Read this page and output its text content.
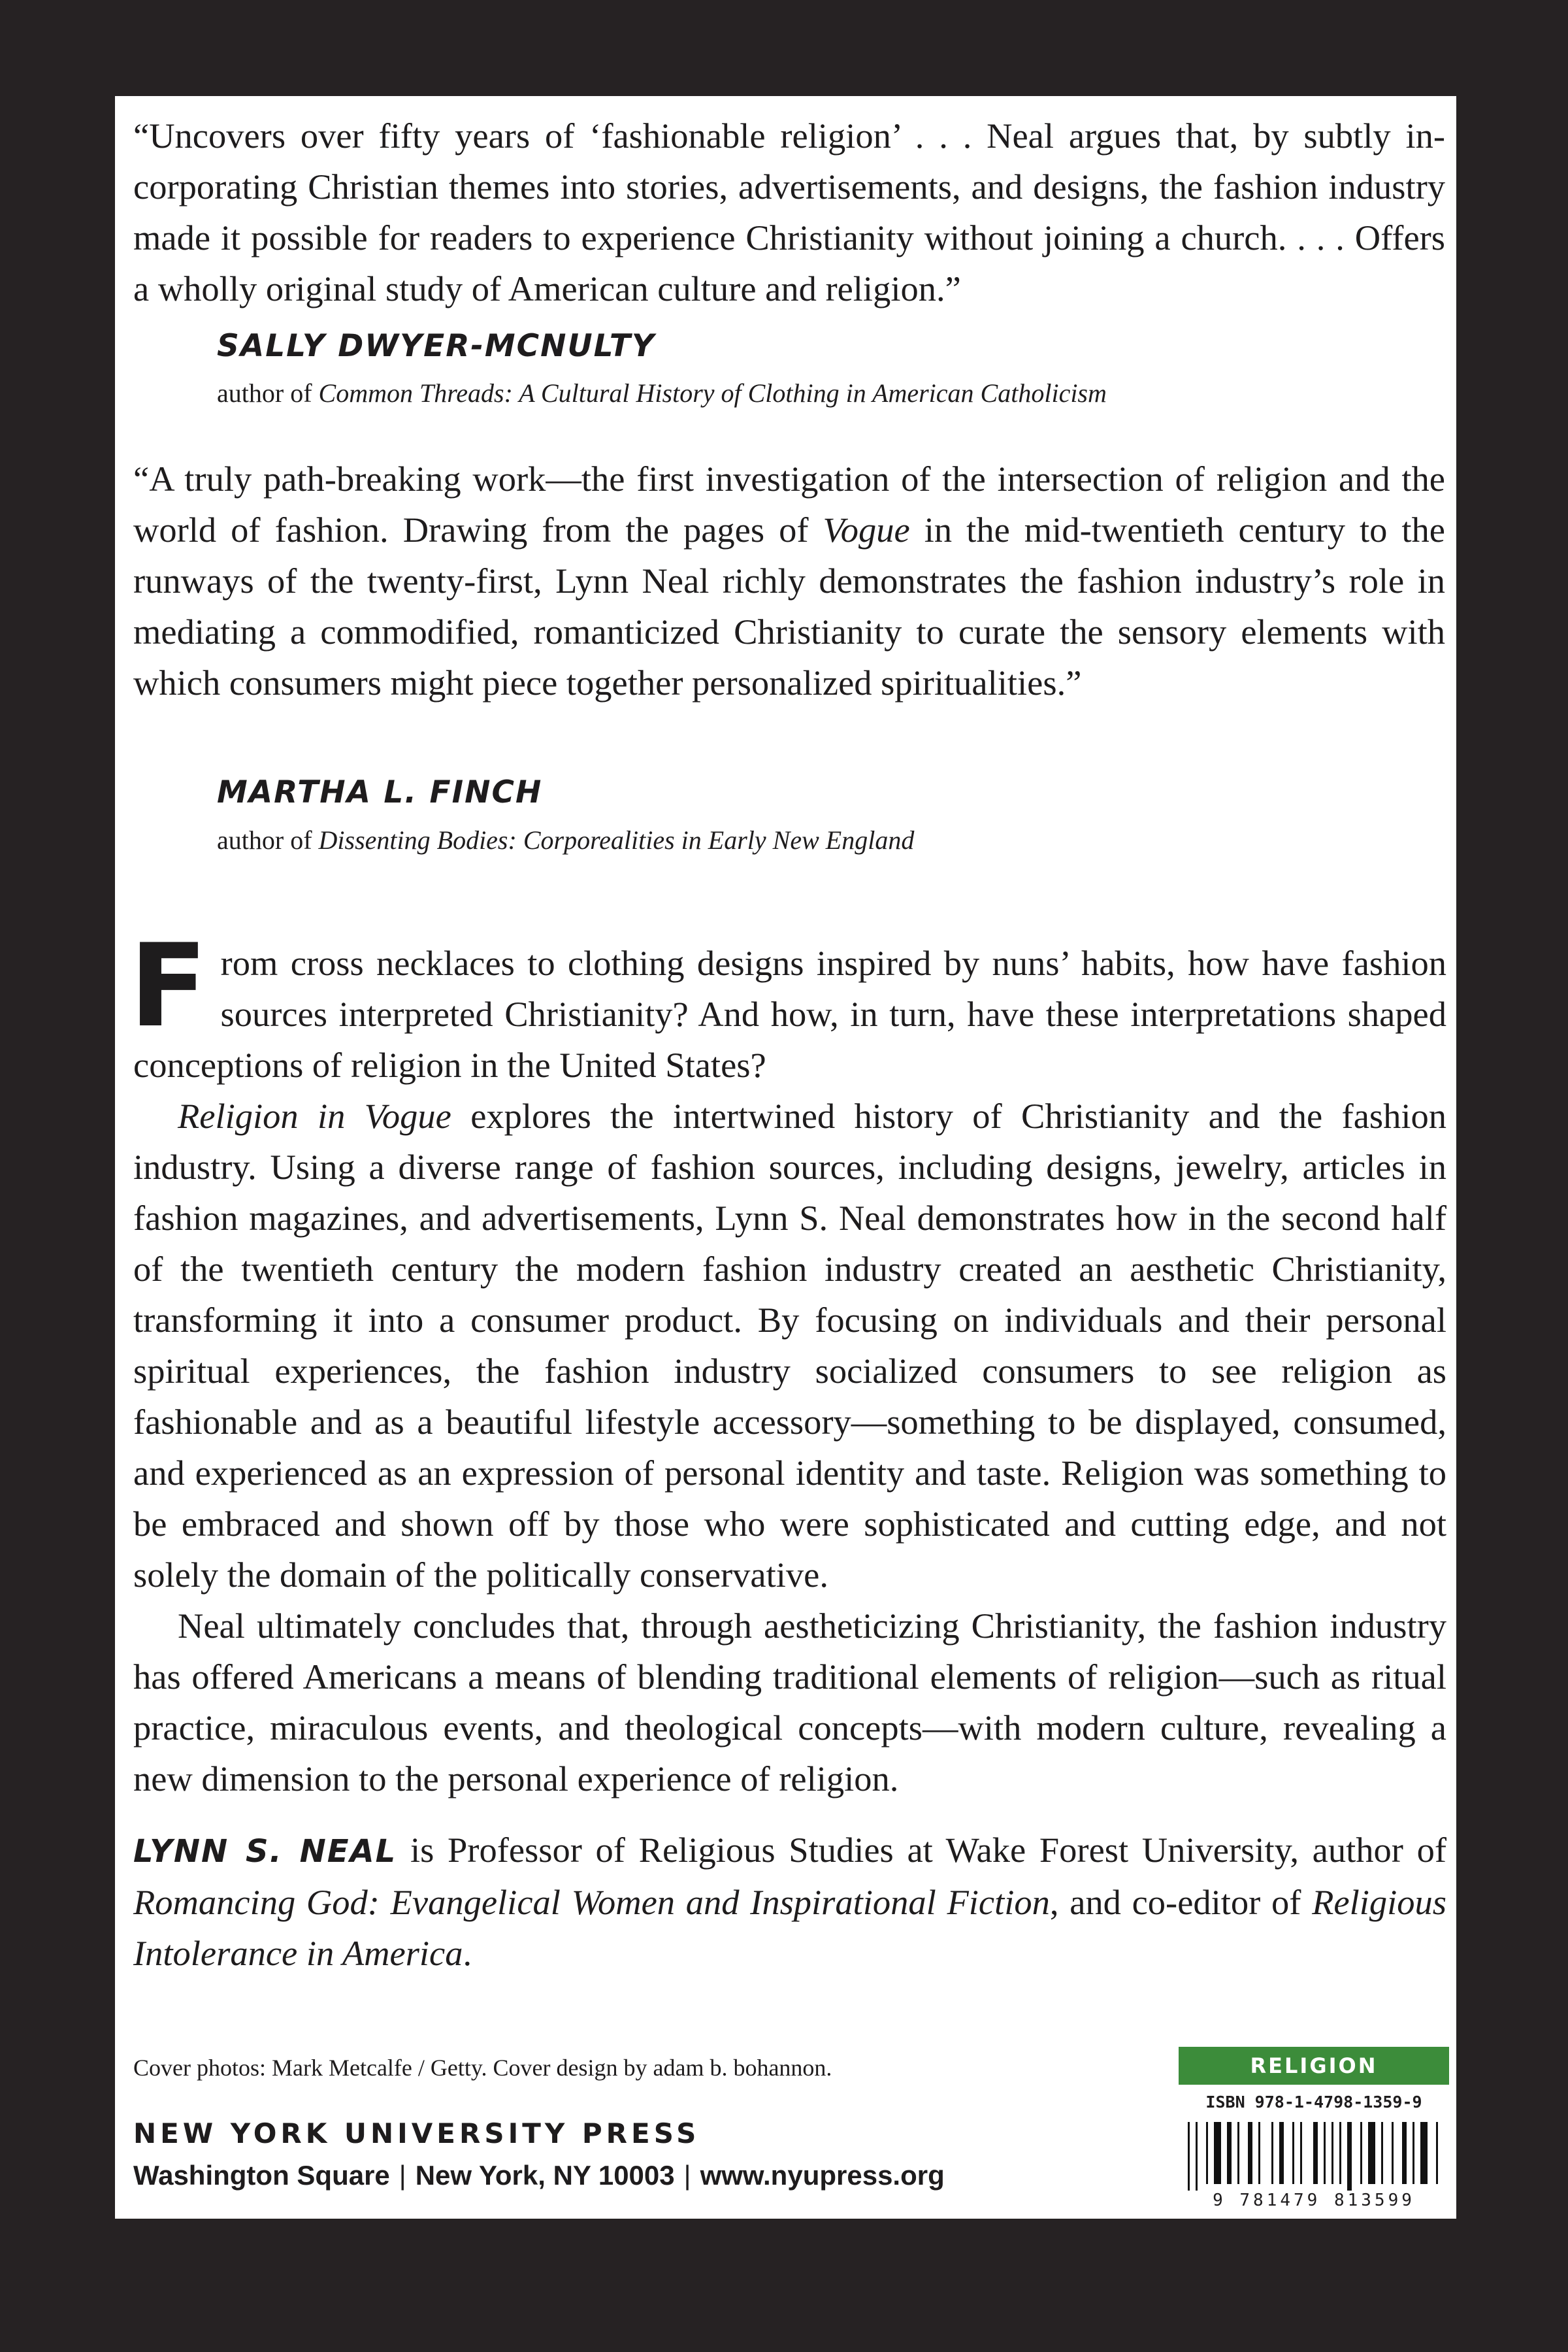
“Uncovers over fifty years of ‘fashionable religion’ . . . Neal argues that, by subtly incorporating Christian themes into stories, advertisements, and designs, the fashion industry made it possible for readers to experience Christianity without joining a church. . . . Offers a wholly original study of American culture and religion.”
SALLY DWYER-MCNULTY
author of Common Threads: A Cultural History of Clothing in American Catholicism
“A truly path-breaking work—the first investigation of the intersection of religion and the world of fashion. Drawing from the pages of Vogue in the mid-twentieth century to the runways of the twenty-first, Lynn Neal richly demonstrates the fashion industry’s role in mediating a commodified, romanticized Christianity to curate the sensory elements with which consumers might piece together personalized spiritualities.”
MARTHA L. FINCH
author of Dissenting Bodies: Corporealities in Early New England

From cross necklaces to clothing designs inspired by nuns’ habits, how have fashion sources interpreted Christianity? And how, in turn, have these interpretations shaped conceptions of religion in the United States?

Religion in Vogue explores the intertwined history of Christianity and the fashion industry. Using a diverse range of fashion sources, including designs, jewelry, articles in fashion magazines, and advertisements, Lynn S. Neal demonstrates how in the second half of the twentieth century the modern fashion industry created an aesthetic Christianity, transforming it into a consumer product. By focusing on individuals and their personal spiritual experiences, the fashion industry socialized consumers to see religion as fashionable and as a beautiful lifestyle accessory—something to be displayed, consumed, and experienced as an expression of personal identity and taste. Religion was something to be embraced and shown off by those who were sophisticated and cutting edge, and not solely the domain of the politically conservative.

Neal ultimately concludes that, through aestheticizing Christianity, the fashion industry has offered Americans a means of blending traditional elements of religion—such as ritual practice, miraculous events, and theological concepts—with modern culture, revealing a new dimension to the personal experience of religion.

LYNN S. NEAL is Professor of Religious Studies at Wake Forest University, author of Romancing God: Evangelical Women and Inspirational Fiction, and co-editor of Religious Intolerance in America.
Cover photos: Mark Metcalfe / Getty. Cover design by adam b. bohannon.
NEW YORK UNIVERSITY PRESS
Washington Square | New York, NY 10003 | www.nyupress.org
RELIGION
ISBN 978-1-4798-1359-9
9 781479 813599
